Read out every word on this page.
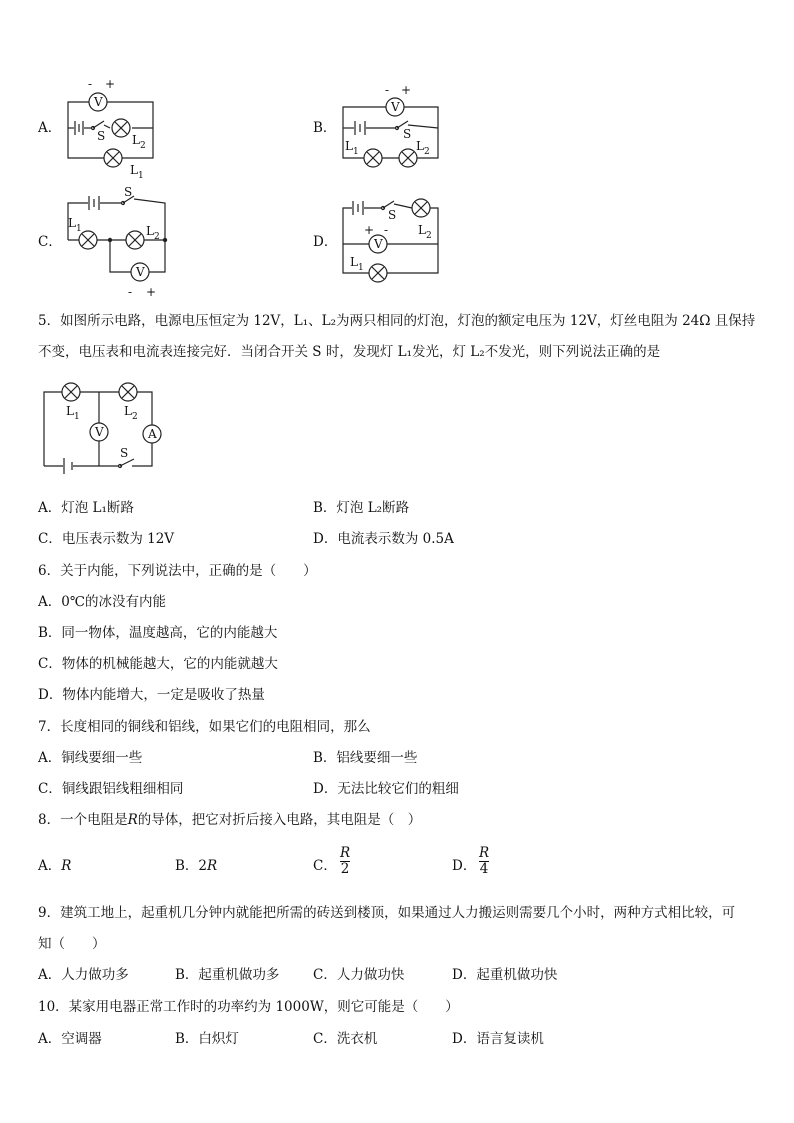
A．
V
- +
S L 2
L 1
B．
V
- +
S
L 1	L 2
C．
S
L 1	L 2
V
- +
D．
S
L 2
V
+ -
L 1
5．如图所示电路，电源电压恒定为 12V，L₁、L₂为两只相同的灯泡，灯泡的额定电压为 12V，灯丝电阻为 24Ω 且保持
不变，电压表和电流表连接完好．当闭合开关 S 时，发现灯 L₁发光，灯 L₂不发光，则下列说法正确的是
S
L 1	L 2
V	A
A．灯泡 L₁断路	B．灯泡 L₂断路
C．电压表示数为 12V	D．电流表示数为 0.5A
6．关于内能，下列说法中，正确的是（　　）
A．0℃的冰没有内能
B．同一物体，温度越高，它的内能越大
C．物体的机械能越大，它的内能就越大
D．物体内能增大，一定是吸收了热量
7．长度相同的铜线和铝线，如果它们的电阻相同，那么
A．铜线要细一些	B．铝线要细一些
C．铜线跟铝线粗细相同	D．无法比较它们的粗细
8．一个电阻是R的导体，把它对折后接入电路，其电阻是（　）
A．R	B．2R	C． $\frac{R}{2}$	D． $\frac{R}{4}$
9．建筑工地上，起重机几分钟内就能把所需的砖送到楼顶，如果通过人力搬运则需要几个小时，两种方式相比较，可
知（　　）
A．人力做功多	B．起重机做功多 C．人力做功快	D．起重机做功快
10．某家用电器正常工作时的功率约为 1000W，则它可能是（　　）
A．空调器	B．白炽灯	C．洗衣机	D．语言复读机
